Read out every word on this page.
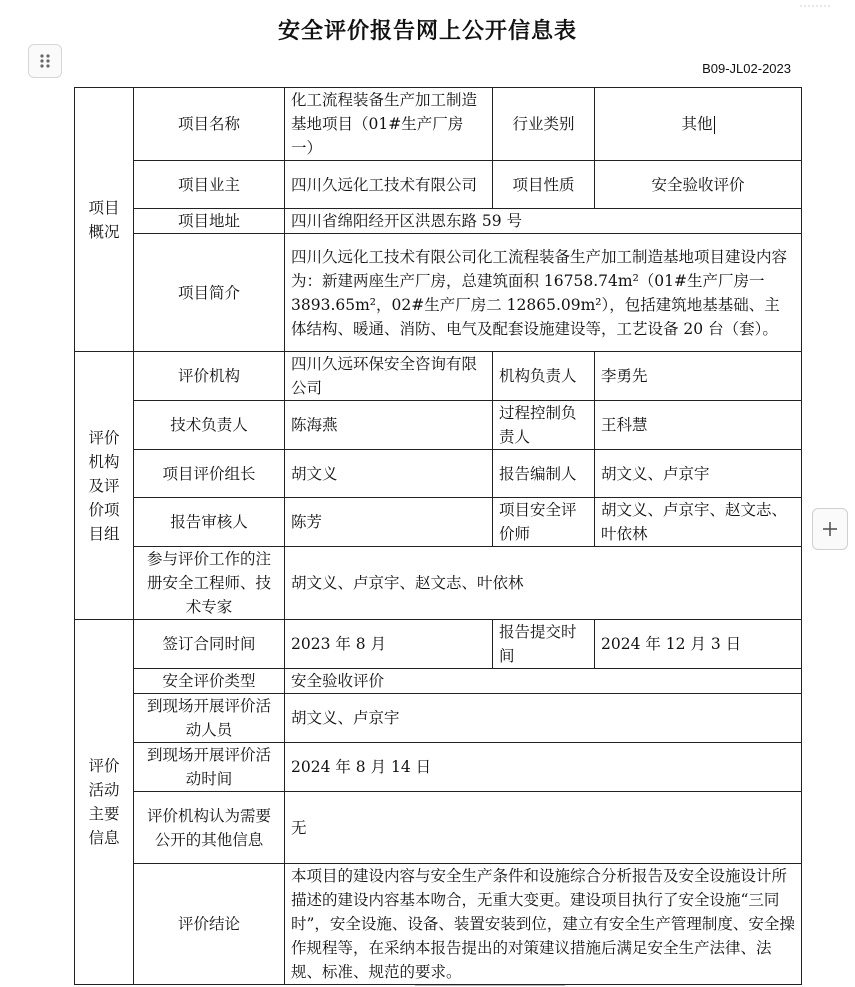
安全评价报告网上公开信息表
B09-JL02-2023
项目概况	项目名称	化工流程装备生产加工制造基地项目（01#生产厂房一）	行业类别	其他
	项目业主	四川久远化工技术有限公司	项目性质	安全验收评价
	项目地址	四川省绵阳经开区洪恩东路 59 号		
	项目简介	四川久远化工技术有限公司化工流程装备生产加工制造基地项目建设内容为：新建两座生产厂房，总建筑面积 16758.74m²（01#生产厂房一 3893.65m²，02#生产厂房二 12865.09m²），包括建筑地基基础、主体结构、暖通、消防、电气及配套设施建设等，工艺设备 20 台（套）。		
评价机构及评价项目组	评价机构	四川久远环保安全咨询有限公司	机构负责人	李勇先
	技术负责人	陈海燕	过程控制负责人	王科慧
	项目评价组长	胡文义	报告编制人	胡文义、卢京宇
	报告审核人	陈芳	项目安全评价师	胡文义、卢京宇、赵文志、叶依林
	参与评价工作的注册安全工程师、技术专家	胡文义、卢京宇、赵文志、叶依林		
评价活动主要信息	签订合同时间	2023 年 8 月	报告提交时间	2024 年 12 月 3 日
	安全评价类型	安全验收评价		
	到现场开展评价活动人员	胡文义、卢京宇		
	到现场开展评价活动时间	2024 年 8 月 14 日		
	评价机构认为需要公开的其他信息	无		
	评价结论	本项目的建设内容与安全生产条件和设施综合分析报告及安全设施设计所描述的建设内容基本吻合，无重大变更。建设项目执行了安全设施“三同时”，安全设施、设备、装置安装到位，建立有安全生产管理制度、安全操作规程等，在采纳本报告提出的对策建议措施后满足安全生产法律、法规、标准、规范的要求。		
